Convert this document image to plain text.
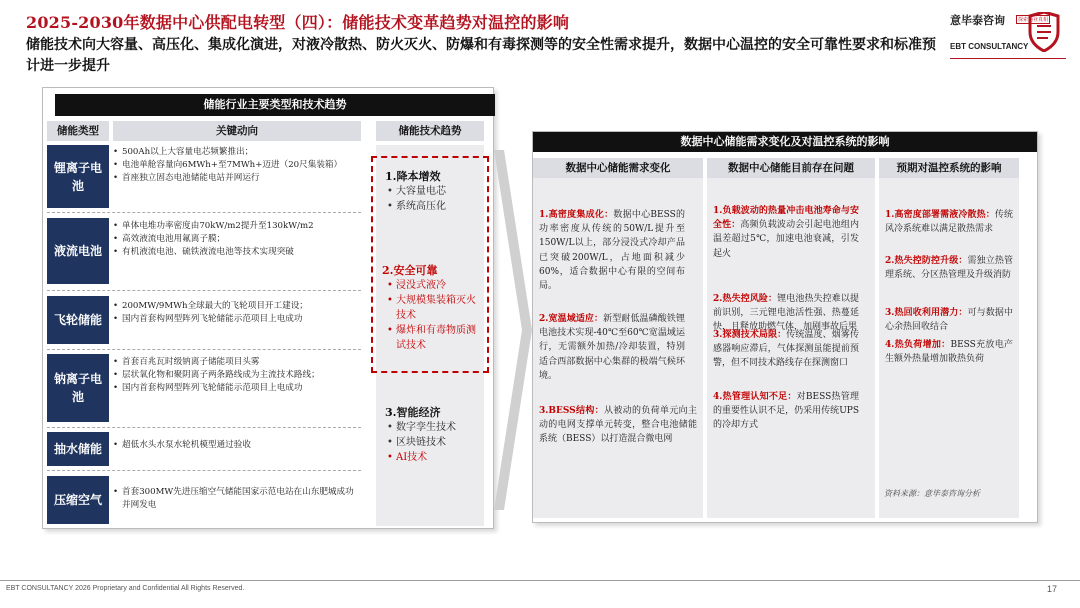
2025-2030年数据中心供配电转型（四）：储能技术变革趋势对温控的影响
储能技术向大容量、高压化、集成化演进，对液冷散热、防火灭火、防爆和有毒探测等的安全性需求提升，数据中心温控的安全可靠性要求和标准预计进一步提升
意毕泰咨询	探索商业真相
EBT CONSULTANCY
储能行业主要类型和技术趋势
储能类型	关键动向
锂离子电池
• 500Ah以上大容量电芯频繁推出；
• 电池单舱容量向6MWh+至7MWh+迈进（20尺集装箱）
• 首座独立固态电池储能电站并网运行
液流电池
• 单体电堆功率密度由70kW/m2提升至130kW/m2
• 高效液流电池用氟离子膜；
• 有机液流电池、硫铁液流电池等技术实现突破
飞轮储能
• 200MW/9MWh全球最大的飞轮项目开工建设；
• 国内首套构网型阵列飞轮储能示范项目上电成功
钠离子电池
• 首套百兆瓦时级钠离子储能项目头雾
• 层状氧化物和聚阴离子两条路线成为主流技术路线；
• 国内首套构网型阵列飞轮储能示范项目上电成功
抽水储能
•	超低水头水泵水轮机模型通过验收
压缩空气
• 首套300MW先进压缩空气储能国家示范电站在山东肥城成功并网发电
储能技术趋势
1.降本增效
• 大容量电芯
• 系统高压化
2.安全可靠
• 浸没式液冷
• 大规模集装箱灭火技术
• 爆炸和有毒物质测试技术
3.智能经济
• 数字孪生技术
• 区块链技术
• AI技术
数据中心储能需求变化及对温控系统的影响
数据中心储能需求变化	数据中心储能目前存在问题	预期对温控系统的影响
1.高密度集成化：数据中心BESS的功率密度从传统的50W/L提升至150W/L以上，部分浸没式冷却产品已突破200W/L，占地面积减少60%，适合数据中心有限的空间布局。
2.宽温域适应：新型耐低温磷酸铁锂电池技术实现-40℃至60℃宽温域运行，无需额外加热/冷却装置，特别适合西部数据中心集群的极端气候环境。
3.BESS结构：从被动的负荷单元向主动的电网支撑单元转变，整合电池储能系统（BESS）以打造混合微电网
1.负载波动的热量冲击电池寿命与安全性：高频负载波动会引起电池组内温差超过5℃，加速电池衰减，引发起火
2.热失控风险：锂电池热失控难以提前识别，三元锂电池活性强、热蔓延快，且释放助燃气体，加剧事故后果
3.探测技术局限：传统温度、烟雾传感器响应滞后，气体探测虽能提前预警，但不同技术路线存在探测窗口
4.热管理认知不足：对BESS热管理的重要性认识不足，仍采用传统UPS的冷却方式
1.高密度部署需液冷散热：传统风冷系统难以满足散热需求
2.热失控防控升级：需独立热管理系统、分区热管理及升级消防
3.热回收利用潜力：可与数据中心余热回收结合
4.热负荷增加：BESS充放电产生额外热量增加散热负荷
资料来源：意毕泰咨询分析
EBT CONSULTANCY 2026 Proprietary and Confidential All Rights Reserved.	17
